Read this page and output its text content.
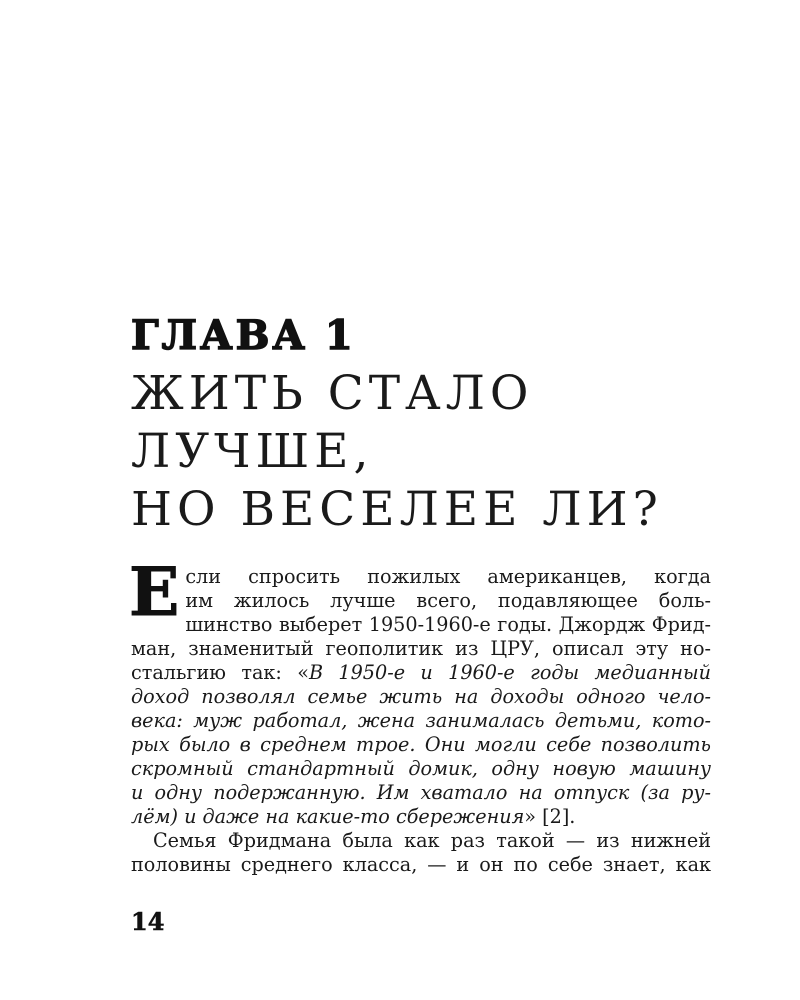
ГЛАВА 1
ЖИТЬ СТАЛО
ЛУЧШЕ,
НО ВЕСЕЛЕЕ ЛИ?
Е сли спросить пожилых американцев, когда
им жилось лучше всего, подавляющее боль-
шинство выберет 1950-1960-е годы. Джордж Фрид-
ман, знаменитый геополитик из ЦРУ, описал эту но-
стальгию так: «В 1950-е и 1960-е годы медианный
доход позволял семье жить на доходы одного чело-
века: муж работал, жена занималась детьми, кото-
рых было в среднем трое. Они могли себе позволить
скромный стандартный домик, одну новую машину
и одну подержанную. Им хватало на отпуск (за ру-
лём) и даже на какие-то сбережения» [2].
Семья Фридмана была как раз такой — из нижней
половины среднего класса, — и он по себе знает, как
14
